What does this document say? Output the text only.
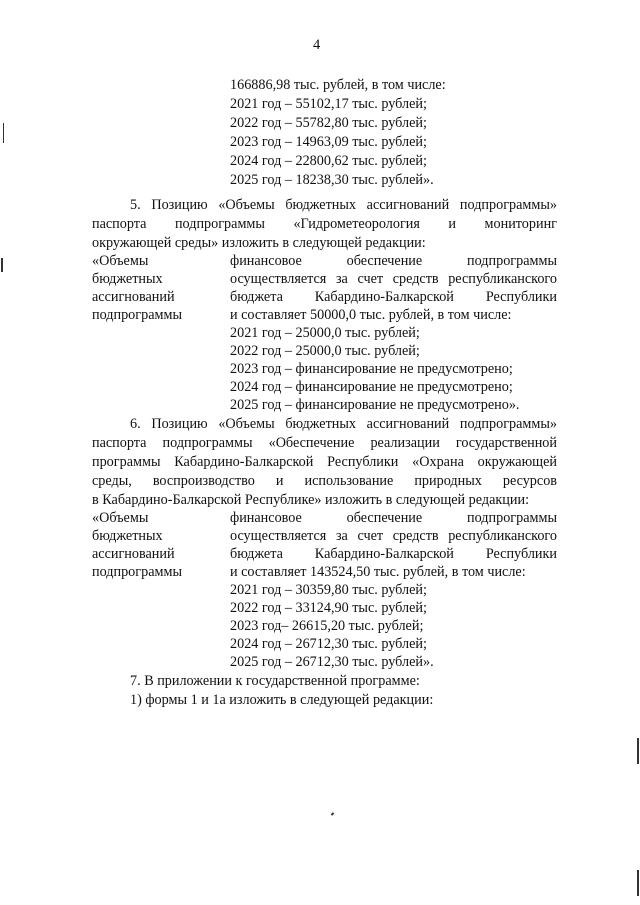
4
166886,98 тыс. рублей, в том числе:
2021 год – 55102,17 тыс. рублей;
2022 год – 55782,80 тыс. рублей;
2023 год – 14963,09 тыс. рублей;
2024 год – 22800,62 тыс. рублей;
2025 год – 18238,30 тыс. рублей».
5. Позицию «Объемы бюджетных ассигнований подпрограммы»
паспорта подпрограммы «Гидрометеорология и мониторинг
окружающей среды» изложить в следующей редакции:
«Объемы
бюджетных
ассигнований
подпрограммы
финансовое обеспечение подпрограммы
осуществляется за счет средств республиканского
бюджета Кабардино-Балкарской Республики
и составляет 50000,0 тыс. рублей, в том числе:
2021 год – 25000,0 тыс. рублей;
2022 год – 25000,0 тыс. рублей;
2023 год – финансирование не предусмотрено;
2024 год – финансирование не предусмотрено;
2025 год – финансирование не предусмотрено».
6. Позицию «Объемы бюджетных ассигнований подпрограммы»
паспорта подпрограммы «Обеспечение реализации государственной
программы Кабардино-Балкарской Республики «Охрана окружающей
среды, воспроизводство и использование природных ресурсов
в Кабардино-Балкарской Республике» изложить в следующей редакции:
«Объемы
бюджетных
ассигнований
подпрограммы
финансовое обеспечение подпрограммы
осуществляется за счет средств республиканского
бюджета Кабардино-Балкарской Республики
и составляет 143524,50 тыс. рублей, в том числе:
2021 год – 30359,80 тыс. рублей;
2022 год – 33124,90 тыс. рублей;
2023 год– 26615,20 тыс. рублей;
2024 год – 26712,30 тыс. рублей;
2025 год – 26712,30 тыс. рублей».
7. В приложении к государственной программе:
1) формы 1 и 1а изложить в следующей редакции:
